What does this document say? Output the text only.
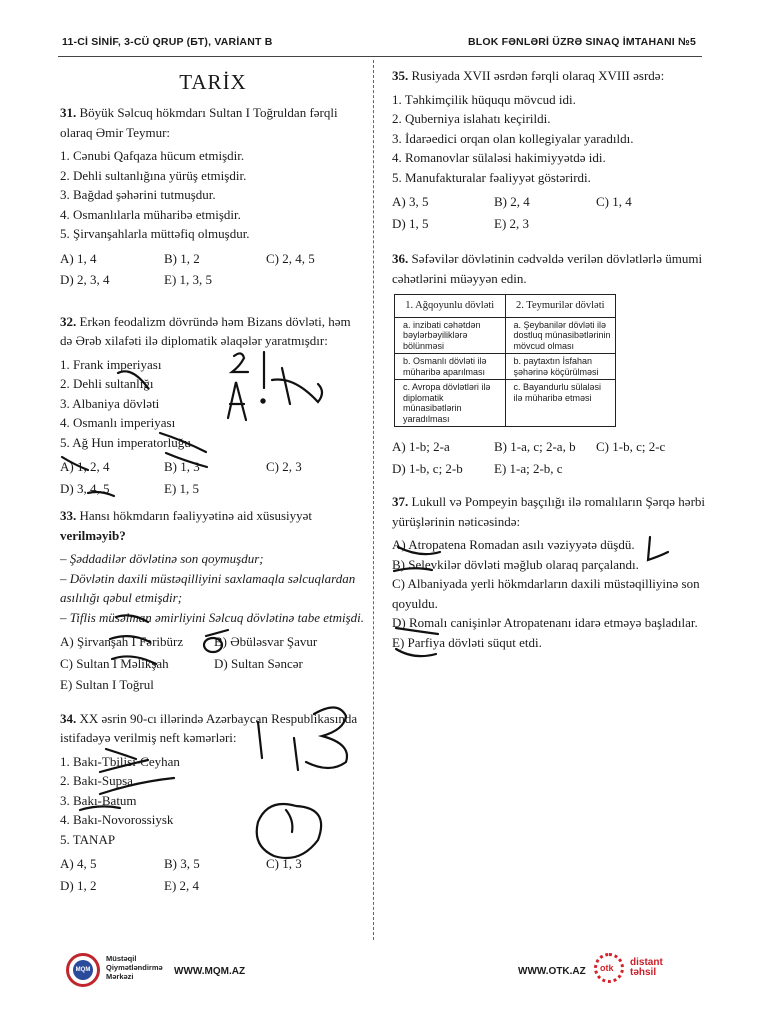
11-Cİ SİNİF, 3-CÜ QRUP (БТ), VARİANT B	BLOK FƏNLƏRİ ÜZRƏ SINAQ İMTAHANI №5
TARİX
31. Böyük Səlcuq hökmdarı Sultan I Toğruldan fərqli olaraq Əmir Teymur:
1. Cənubi Qafqaza hücum etmişdir.
2. Dehli sultanlığına yürüş etmişdir.
3. Bağdad şəhərini tutmuşdur.
4. Osmanlılarla müharibə etmişdir.
5. Şirvanşahlarla müttəfiq olmuşdur.
A) 1, 4	B) 1, 2	C) 2, 4, 5
D) 2, 3, 4	E) 1, 3, 5
32. Erkən feodalizm dövründə həm Bizans dövləti, həm də Ərəb xilafəti ilə diplomatik əlaqələr yaratmışdır:
1. Frank imperiyası
2. Dehli sultanlığı
3. Albaniya dövləti
4. Osmanlı imperiyası
5. Ağ Hun imperatorluğu
A) 1, 2, 4	B) 1, 3	C) 2, 3
D) 3, 4, 5	E) 1, 5
33. Hansı hökmdarın fəaliyyətinə aid xüsusiyyət
verilməyib?
– Şəddadilər dövlətinə son qoymuşdur;
– Dövlətin daxili müstəqilliyini saxlamaqla səlcuqlardan asılılığı qəbul etmişdir;
– Tiflis müsəlman əmirliyini Səlcuq dövlətinə tabe etmişdi.
A) Şirvanşah I Fəribürz	B) Əbüləsvar Şavur
C) Sultan I Məlikşah	D) Sultan Səncər
E) Sultan I Toğrul
34. XX əsrin 90-cı illərində Azərbaycan Respublikasında istifadəyə verilmiş neft kəmərləri:
1. Bakı-Tbilisi-Ceyhan
2. Bakı-Supsa
3. Bakı-Batum
4. Bakı-Novorossiysk
5. TANAP
A) 4, 5	B) 3, 5	C) 1, 3
D) 1, 2	E) 2, 4
35. Rusiyada XVII əsrdən fərqli olaraq XVIII əsrdə:
1. Təhkimçilik hüququ mövcud idi.
2. Quberniya islahatı keçirildi.
3. İdarəedici orqan olan kollegiyalar yaradıldı.
4. Romanovlar sülaləsi hakimiyyətdə idi.
5. Manufakturalar fəaliyyət göstərirdi.
A) 3, 5	B) 2, 4	C) 1, 4
D) 1, 5	E) 2, 3
36. Səfəvilər dövlətinin cədvəldə verilən dövlətlərlə ümumi cəhətlərini müəyyən edin.
1. Ağqoyunlu dövləti	2. Teymurilər dövləti
a. inzibati cəhətdən bəylərbəyiliklərə bölünməsi	a. Şeybanilər dövləti ilə dostluq münasibətlərinin mövcud olması
b. Osmanlı dövləti ilə müharibə aparılması	b. paytaxtın İsfahan şəhərinə köçürülməsi
c. Avropa dövlətləri ilə diplomatik münasibətlərin yaradılması	c. Bayandurlu sülaləsi ilə müharibə etməsi
A) 1-b; 2-a	B) 1-a, c; 2-a, b	C) 1-b, c; 2-c
D) 1-b, c; 2-b	E) 1-a; 2-b, c
37. Lukull və Pompeyin başçılığı ilə romalıların Şərqə hərbi yürüşlərinin nəticəsində:
A) Atropatena Romadan asılı vəziyyətə düşdü.
B) Selevkilər dövləti məğlub olaraq parçalandı.
C) Albaniyada yerli hökmdarların daxili müstəqilliyinə son qoyuldu.
D) Romalı canişinlər Atropatenanı idarə etməyə başladılar.
E) Parfiya dövləti süqut etdi.
MQM
Müstəqil
Qiymətləndirmə
Mərkəzi	WWW.MQM.AZ	WWW.OTK.AZ otk distant
təhsil
